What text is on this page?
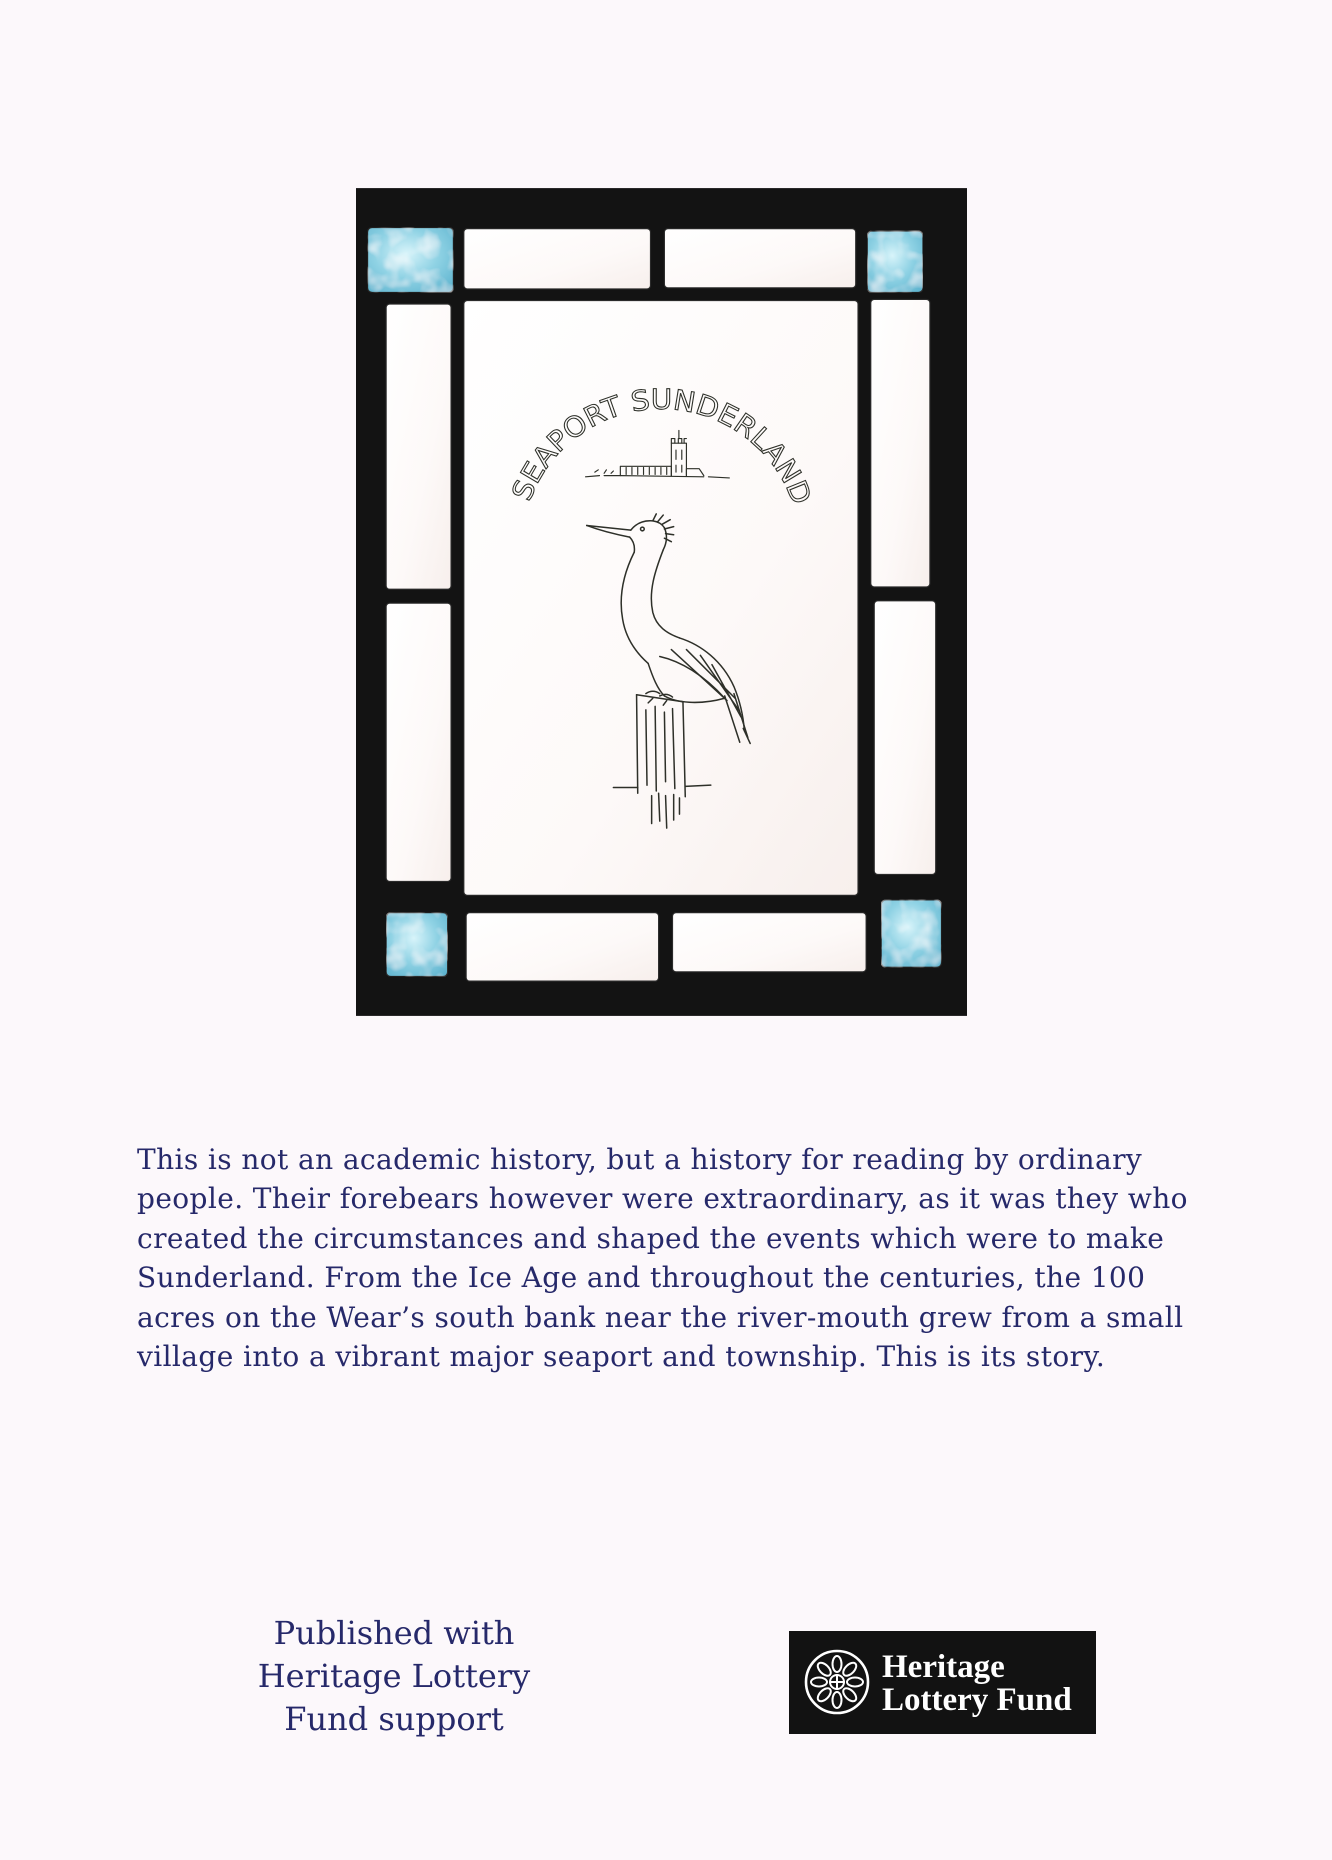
SEAPORT SUNDERLAND
This is not an academic history, but a history for reading by ordinary
people. Their forebears however were extraordinary, as it was they who
created the circumstances and shaped the events which were to make
Sunderland. From the Ice Age and throughout the centuries, the 100
acres on the Wear’s south bank near the river-mouth grew from a small
village into a vibrant major seaport and township. This is its story.
Published with
Heritage Lottery
Fund support
Heritage
Lottery Fund
